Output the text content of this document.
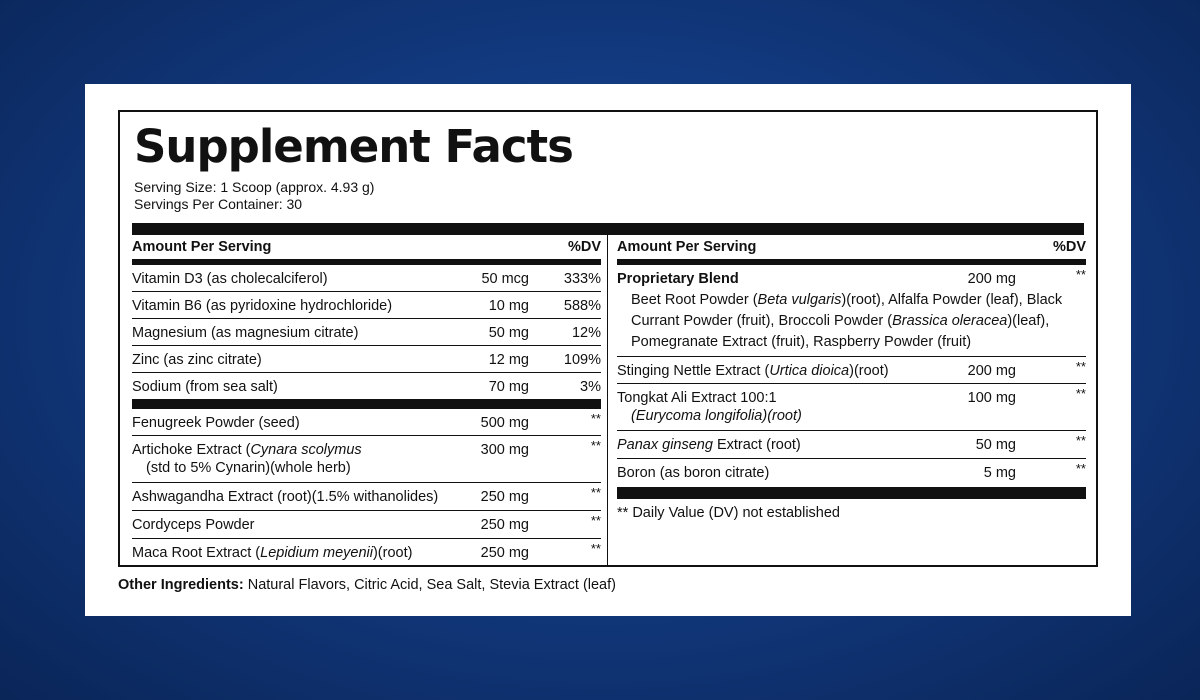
Supplement Facts
Serving Size: 1 Scoop (approx. 4.93 g)
Servings Per Container: 30
Amount Per Serving	%DV
Vitamin D3 (as cholecalciferol)	50 mcg 333%
Vitamin B6 (as pyridoxine hydrochloride)	10 mg 588%
Magnesium (as magnesium citrate)	50 mg	12%
Zinc (as zinc citrate)	12 mg 109%
Sodium (from sea salt)	70 mg	3%
Fenugreek Powder (seed)	500 mg	**
Artichoke Extract (Cynara scolymus
(std to 5% Cynarin)(whole herb)
300 mg	**
Ashwagandha Extract (root)(1.5% withanolides)	250 mg	**
Cordyceps Powder	250 mg	**
Maca Root Extract (Lepidium meyenii)(root)	250 mg	**
Amount Per Serving	%DV
Proprietary Blend	200 mg	**
Beet Root Powder (Beta vulgaris)(root), Alfalfa Powder (leaf), Black Currant Powder (fruit), Broccoli Powder (Brassica oleracea)(leaf), Pomegranate Extract (fruit), Raspberry Powder (fruit)
Stinging Nettle Extract (Urtica dioica)(root)	200 mg	**
Tongkat Ali Extract 100:1
(Eurycoma longifolia)(root)
100 mg	**
Panax ginseng Extract (root)	50 mg	**
Boron (as boron citrate)	5 mg	**
** Daily Value (DV) not established
Other Ingredients: Natural Flavors, Citric Acid, Sea Salt, Stevia Extract (leaf)
